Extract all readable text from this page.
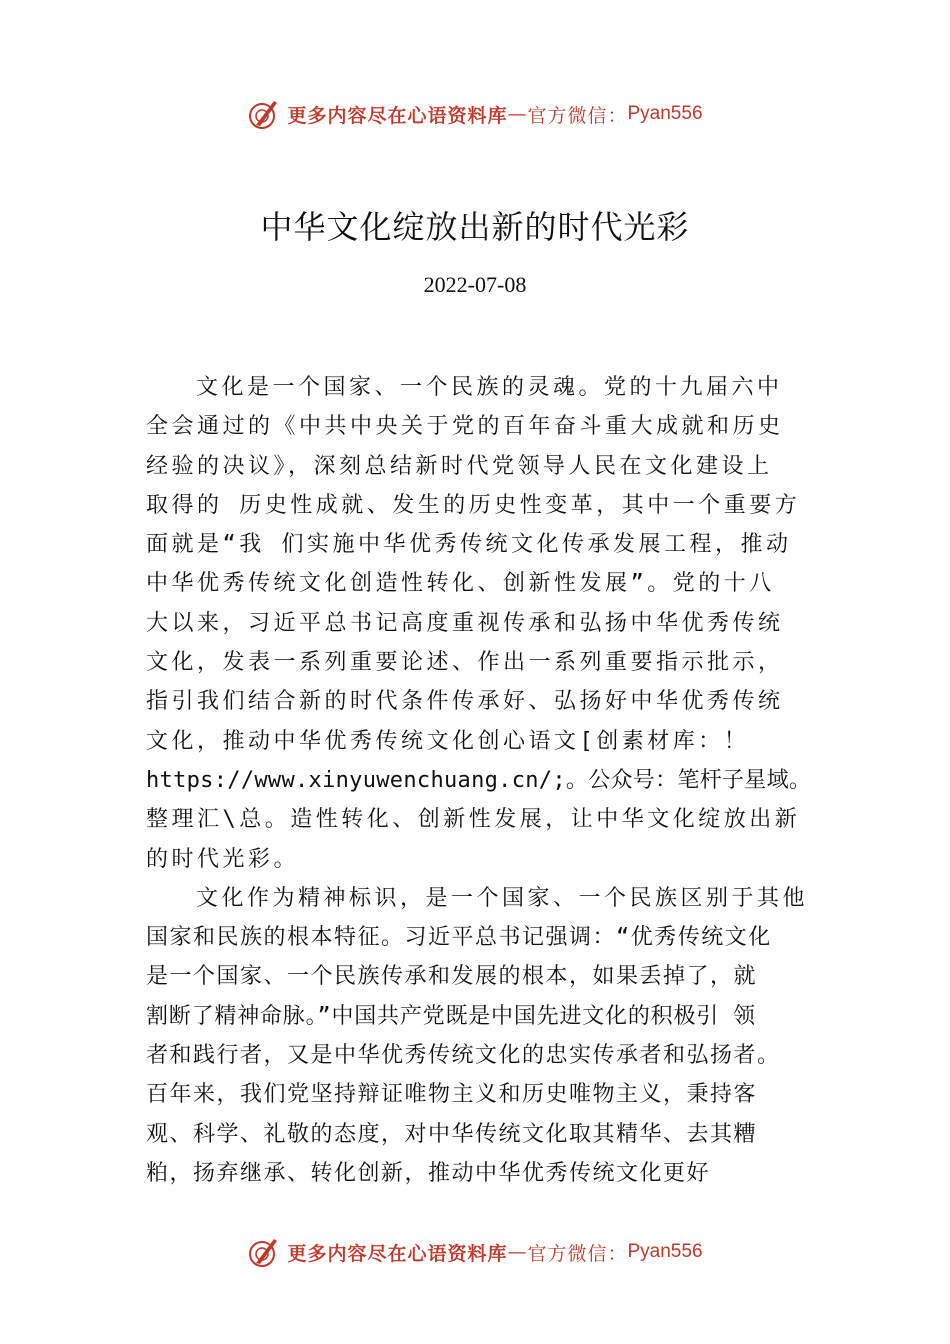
更多内容尽在心语资料库 — 官方微信： Pyan556
中华文化绽放出新的时代光彩
2022-07-08
文化是一个国家、一个民族的灵魂。党的十九届六中
全会通过的《中共中央关于党的百年奋斗重大成就和历史
经验的决议》，深刻总结新时代党领导人民在文化建设上
取得的 历史性成就、发生的历史性变革，其中一个重要方
面就是“我 们实施中华优秀传统文化传承发展工程，推动
中华优秀传统文化创造性转化、创新性发展”。党的十八
大以来，习近平总书记高度重视传承和弘扬中华优秀传统
文化，发表一系列重要论述、作出一系列重要指示批示，
指引我们结合新的时代条件传承好、弘扬好中华优秀传统
文化，推动中华优秀传统文化创心语文[创素材库：！
https://www.xinyuwenchuang.cn/;。公众号：笔杆子星域。
整理汇\总。造性转化、创新性发展，让中华文化绽放出新
的时代光彩。
文化作为精神标识，是一个国家、一个民族区别于其他
国家和民族的根本特征。习近平总书记强调：“优秀传统文化
是一个国家、一个民族传承和发展的根本，如果丢掉了，就
割断了精神命脉。”中国共产党既是中国先进文化的积极引 领
者和践行者，又是中华优秀传统文化的忠实传承者和弘扬者。
百年来，我们党坚持辩证唯物主义和历史唯物主义，秉持客
观、科学、礼敬的态度，对中华传统文化取其精华、去其糟
粕，扬弃继承、转化创新，推动中华优秀传统文化更好
更多内容尽在心语资料库 — 官方微信： Pyan556
